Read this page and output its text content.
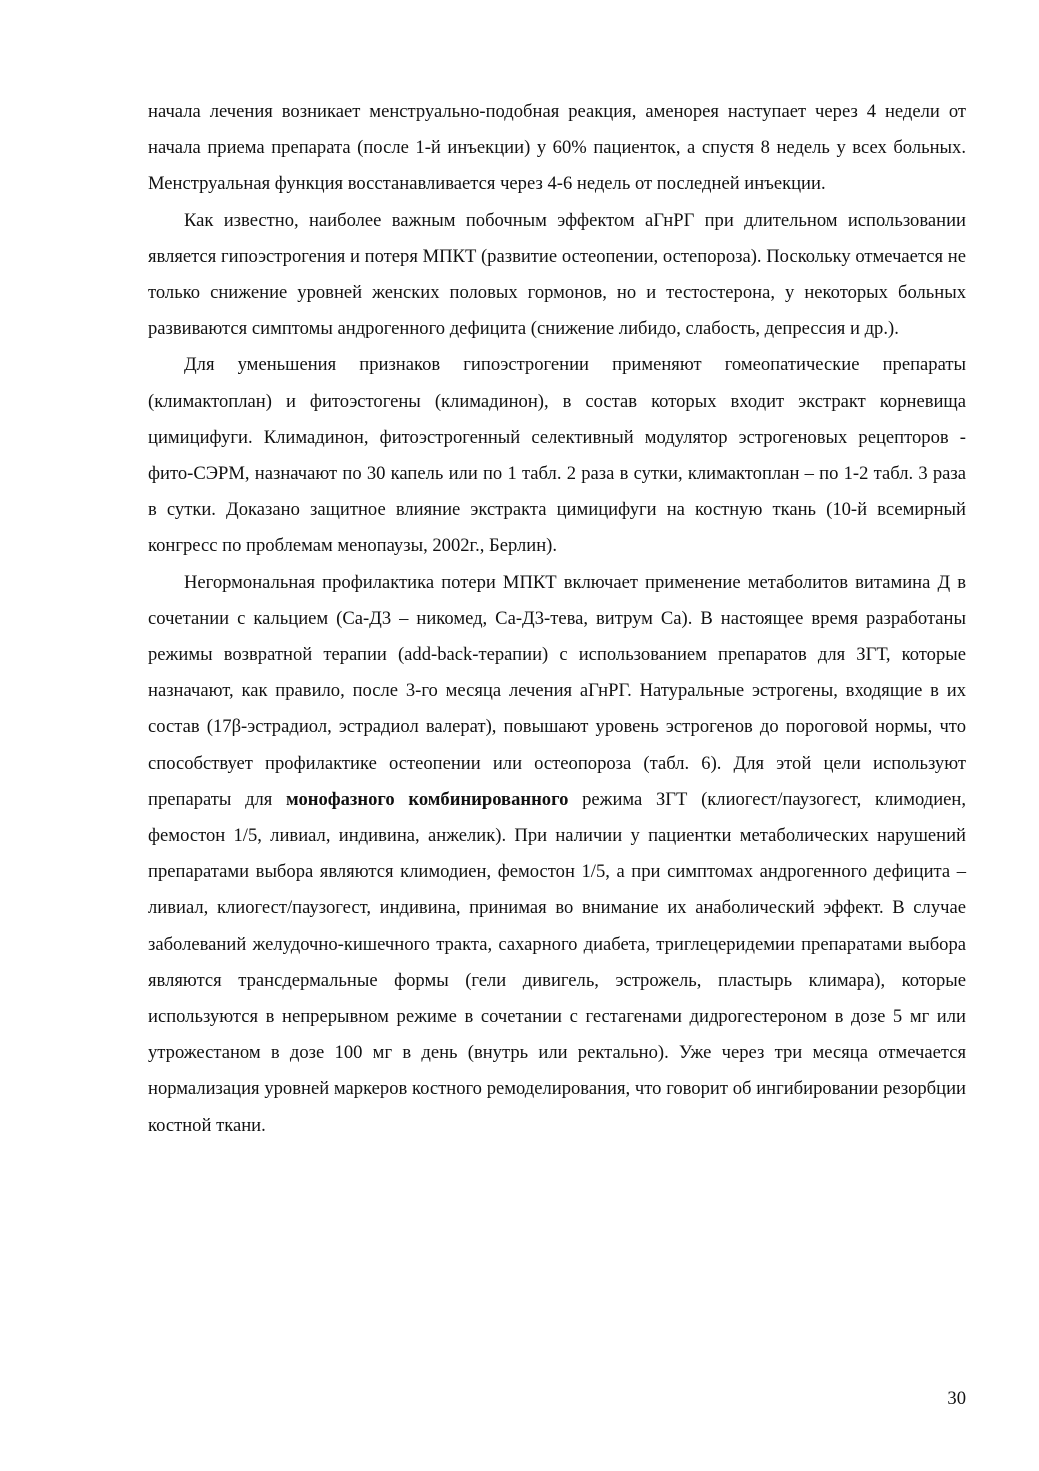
начала лечения возникает менструально-подобная реакция, аменорея наступает через 4 недели от начала приема препарата (после 1-й инъекции) у 60% пациенток, а спустя 8 недель у всех больных. Менструальная функция восстанавливается через 4-6 недель от последней инъекции.

Как известно, наиболее важным побочным эффектом аГнРГ при длительном использовании является гипоэстрогения и потеря МПКТ (развитие остеопении, остепороза). Поскольку отмечается не только снижение уровней женских половых гормонов, но и тестостерона, у некоторых больных развиваются симптомы андрогенного дефицита (снижение либидо, слабость, депрессия и др.).

Для уменьшения признаков гипоэстрогении применяют гомеопатические препараты (климактоплан) и фитоэстогены (климадинон), в состав которых входит экстракт корневища цимицифуги. Климадинон, фитоэстрогенный селективный модулятор эстрогеновых рецепторов - фито-СЭРМ, назначают по 30 капель или по 1 табл. 2 раза в сутки, климактоплан – по 1-2 табл. 3 раза в сутки. Доказано защитное влияние экстракта цимицифуги на костную ткань (10-й всемирный конгресс по проблемам менопаузы, 2002г., Берлин).

Негормональная профилактика потери МПКТ включает применение метаболитов витамина Д в сочетании с кальцием (Са-Д3 – никомед, Са-Д3-тева, витрум Са). В настоящее время разработаны режимы возвратной терапии (add-back-терапии) с использованием препаратов для ЗГТ, которые назначают, как правило, после 3-го месяца лечения аГнРГ. Натуральные эстрогены, входящие в их состав (17β-эстрадиол, эстрадиол валерат), повышают уровень эстрогенов до пороговой нормы, что способствует профилактике остеопении или остеопороза (табл. 6). Для этой цели используют препараты для монофазного комбинированного режима ЗГТ (клиогест/паузогест, климодиен, фемостон 1/5, ливиал, индивина, анжелик). При наличии у пациентки метаболических нарушений препаратами выбора являются климодиен, фемостон 1/5, а при симптомах андрогенного дефицита – ливиал, клиогест/паузогест, индивина, принимая во внимание их анаболический эффект. В случае заболеваний желудочно-кишечного тракта, сахарного диабета, триглецеридемии препаратами выбора являются трансдермальные формы (гели дивигель, эстрожель, пластырь климара), которые используются в непрерывном режиме в сочетании с гестагенами дидрогестероном в дозе 5 мг или утрожестаном в дозе 100 мг в день (внутрь или ректально). Уже через три месяца отмечается нормализация уровней маркеров костного ремоделирования, что говорит об ингибировании резорбции костной ткани.

30
